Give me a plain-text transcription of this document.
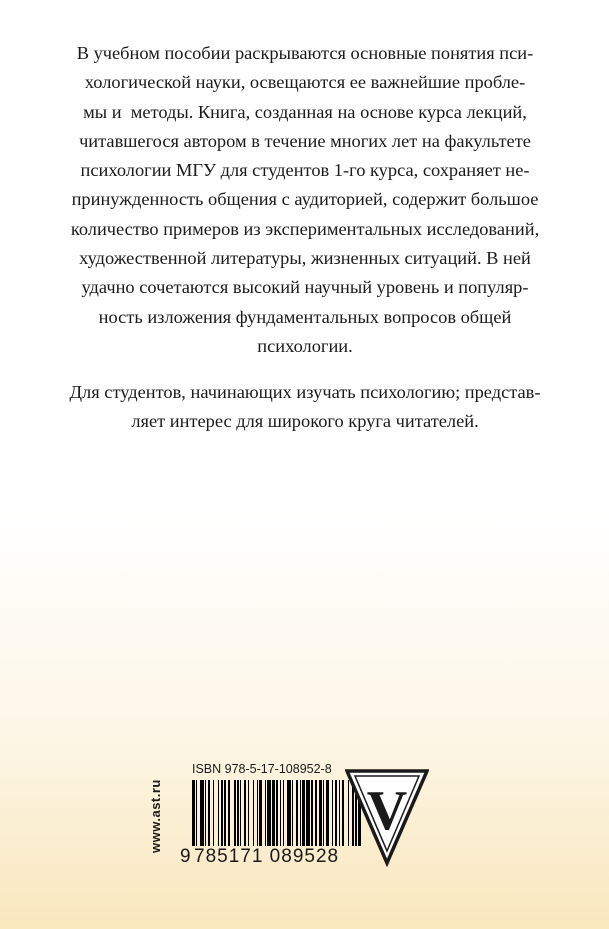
В учебном пособии раскрываются основные понятия пси-
хологической науки, освещаются ее важнейшие пробле-
мы и  методы. Книга, созданная на основе курса лекций,
читавшегося автором в течение многих лет на факультете
психологии МГУ для студентов 1-го курса, сохраняет не-
принужденность общения с аудиторией, содержит большое
количество примеров из экспериментальных исследований,
художественной литературы, жизненных ситуаций. В ней
удачно сочетаются высокий научный уровень и популяр-
ность изложения фундаментальных вопросов общей
психологии.
Для студентов, начинающих изучать психологию; представ-
ляет интерес для широкого круга читателей.
www.ast.ru
ISBN 978-5-17-108952-8
9 785171 089528
V
